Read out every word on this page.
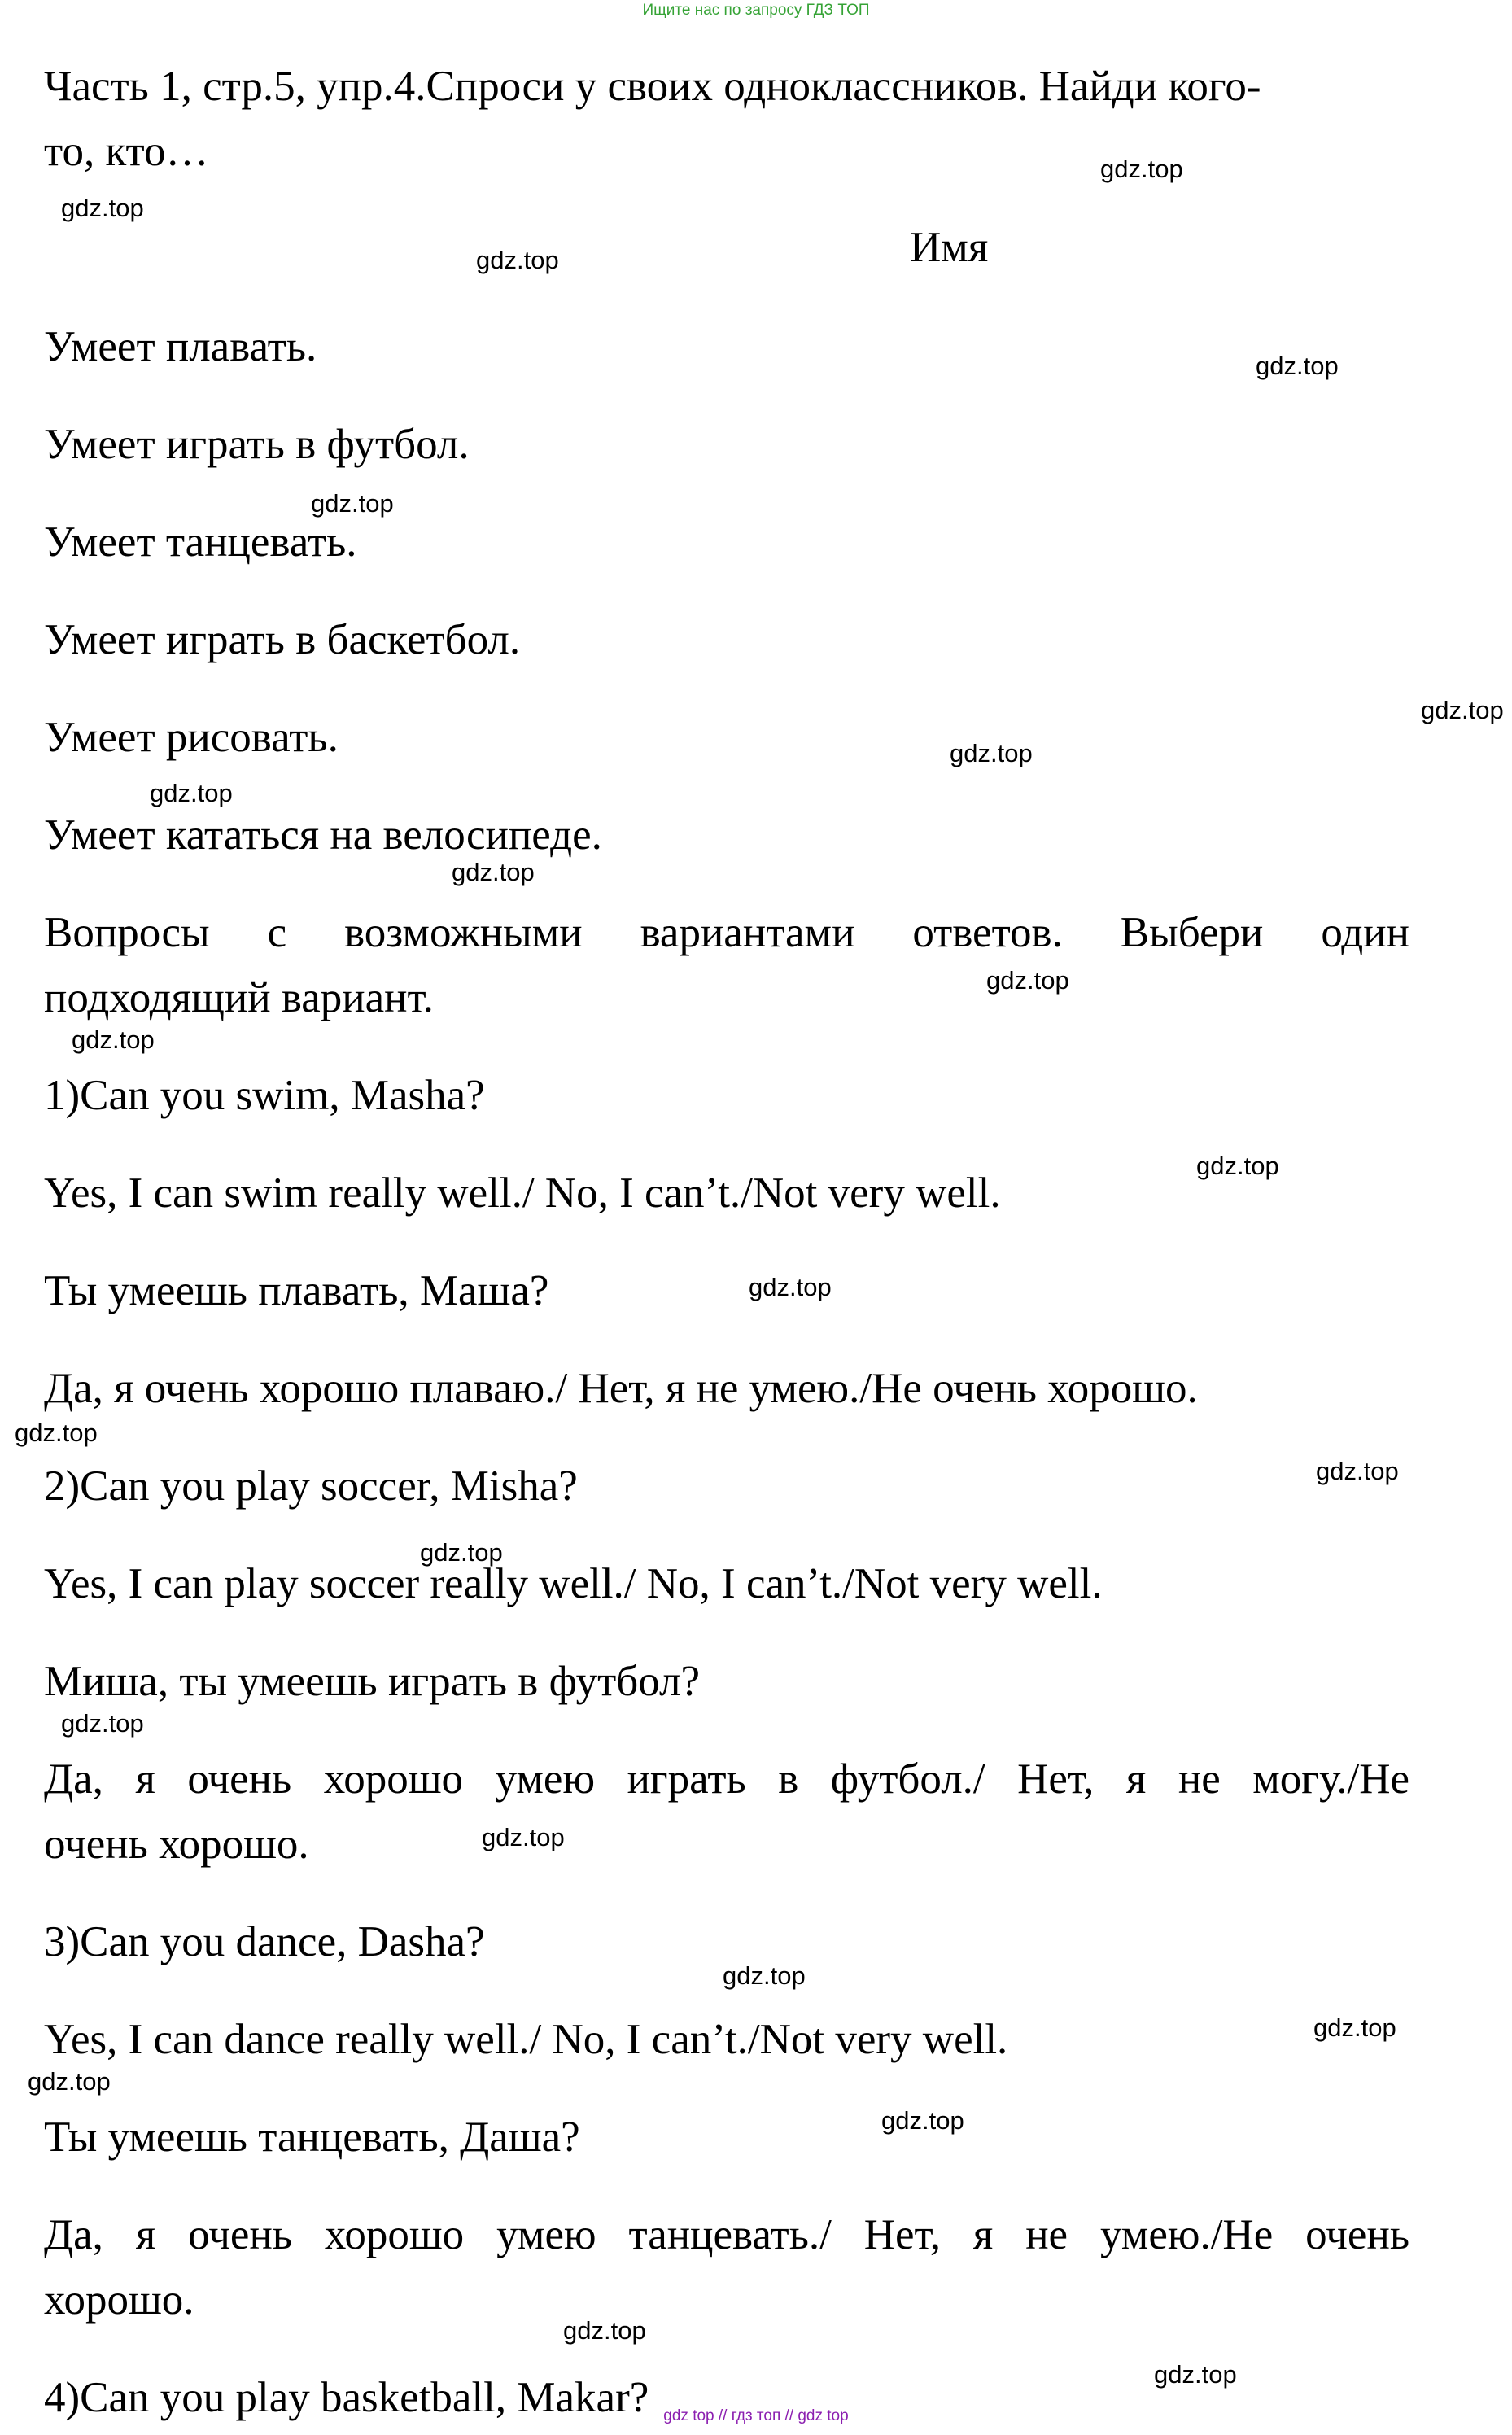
Ищите нас по запросу ГДЗ ТОП
Часть 1, стр.5, упр.4.Спроси у своих одноклассников. Найди кого-
то, кто…
Имя
Умеет плавать.
Умеет играть в футбол.
Умеет танцевать.
Умеет играть в баскетбол.
Умеет рисовать.
Умеет кататься на велосипеде.
Вопросы с возможными вариантами ответов. Выбери один
подходящий вариант.
1)Can you swim, Masha?
Yes, I can swim really well./ No, I can’t./Not very well.
Ты умеешь плавать, Маша?
Да, я очень хорошо плаваю./ Нет, я не умею./Не очень хорошо.
2)Can you play soccer, Misha?
Yes, I can play soccer really well./ No, I can’t./Not very well.
Миша, ты умеешь играть в футбол?
Да, я очень хорошо умею играть в футбол./ Нет, я не могу./Не
очень хорошо.
3)Can you dance, Dasha?
Yes, I can dance really well./ No, I can’t./Not very well.
Ты умеешь танцевать, Даша?
Да, я очень хорошо умею танцевать./ Нет, я не умею./Не очень
хорошо.
4)Can you play basketball, Makar?
gdz.top
gdz.top
gdz.top
gdz.top
gdz.top
gdz.top
gdz.top
gdz.top
gdz.top
gdz.top
gdz.top
gdz.top
gdz.top
gdz.top
gdz.top
gdz.top
gdz.top
gdz.top
gdz.top
gdz.top
gdz.top
gdz.top
gdz.top
gdz.top
gdz top // гдз топ // gdz top
